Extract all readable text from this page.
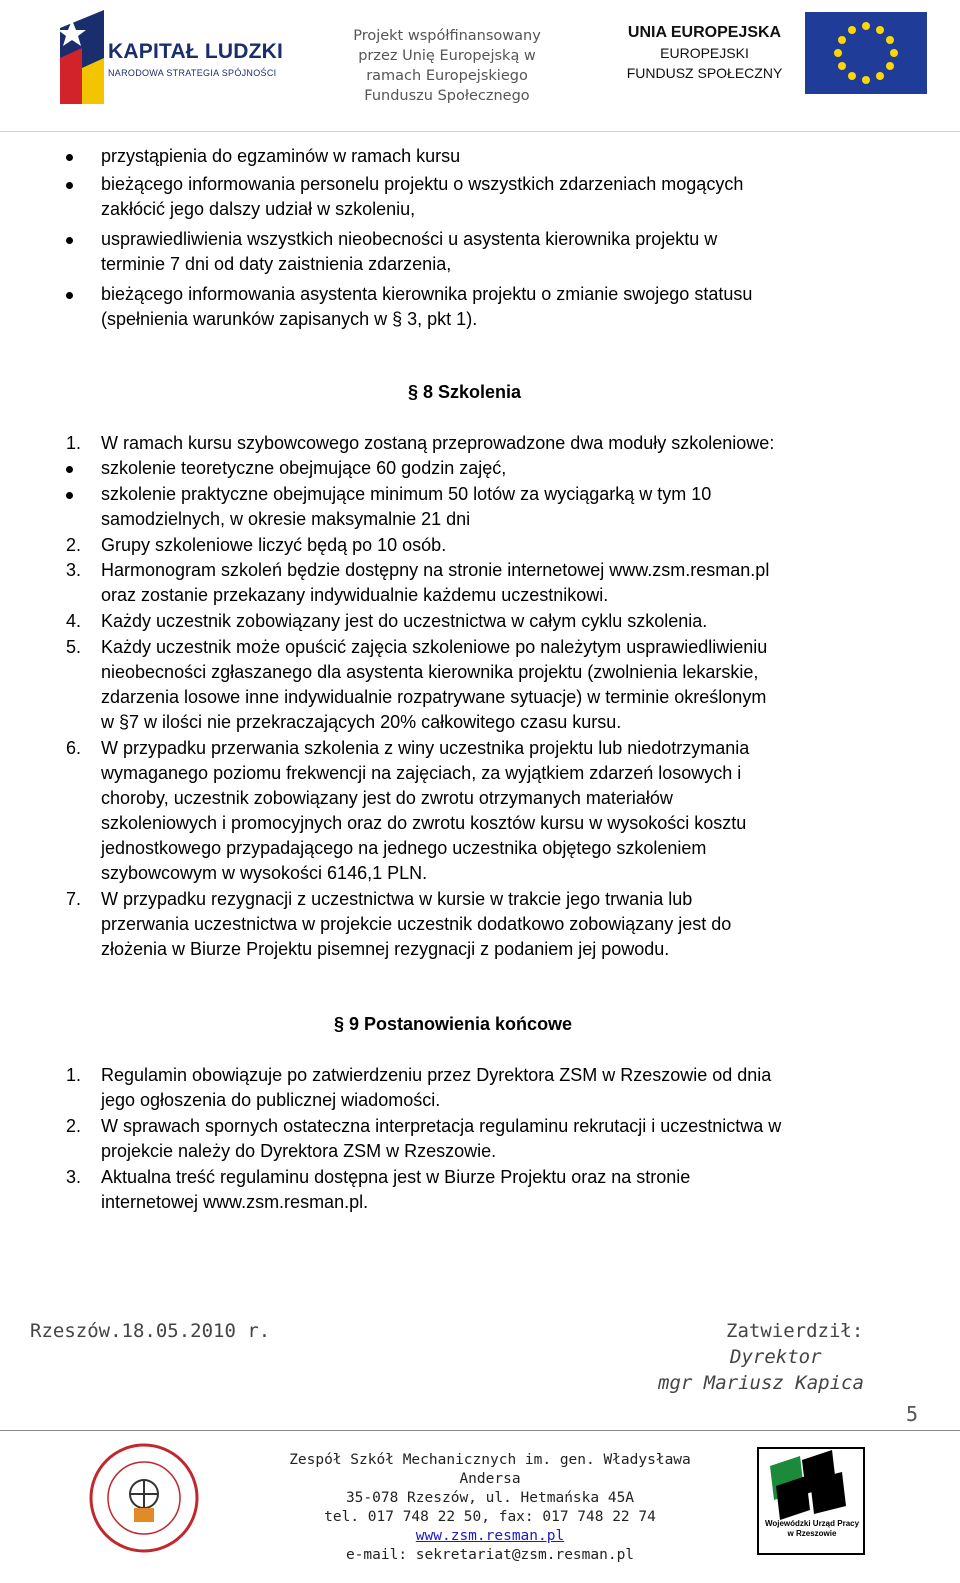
KAPITAŁ LUDZKI
NARODOWA STRATEGIA SPÓJNOŚCI
Projekt współfinansowany
przez Unię Europejską w
ramach Europejskiego
Funduszu Społecznego
UNIA EUROPEJSKA
EUROPEJSKI
FUNDUSZ SPOŁECZNY
przystąpienia do egzaminów w ramach kursu
bieżącego informowania personelu projektu o wszystkich zdarzeniach mogących
zakłócić jego dalszy udział w szkoleniu,
usprawiedliwienia wszystkich nieobecności u asystenta kierownika projektu w
terminie 7 dni od daty zaistnienia zdarzenia,
bieżącego informowania asystenta kierownika projektu o zmianie swojego statusu
(spełnienia warunków zapisanych w § 3, pkt 1).
§ 8 Szkolenia
1. W ramach kursu szybowcowego zostaną przeprowadzone dwa moduły szkoleniowe:
szkolenie teoretyczne obejmujące 60 godzin zajęć,
szkolenie praktyczne obejmujące minimum 50 lotów za wyciągarką w tym 10
samodzielnych, w okresie maksymalnie 21 dni
2. Grupy szkoleniowe liczyć będą po 10 osób.
3. Harmonogram szkoleń będzie dostępny na stronie internetowej www.zsm.resman.pl
oraz zostanie przekazany indywidualnie każdemu uczestnikowi.
4. Każdy uczestnik zobowiązany jest do uczestnictwa w całym cyklu szkolenia.
5. Każdy uczestnik może opuścić zajęcia szkoleniowe po należytym usprawiedliwieniu
nieobecności zgłaszanego dla asystenta kierownika projektu (zwolnienia lekarskie,
zdarzenia losowe inne indywidualnie rozpatrywane sytuacje) w terminie określonym
w §7 w ilości nie przekraczających 20% całkowitego czasu kursu.
6. W przypadku przerwania szkolenia z winy uczestnika projektu lub niedotrzymania
wymaganego poziomu frekwencji na zajęciach, za wyjątkiem zdarzeń losowych i
choroby, uczestnik zobowiązany jest do zwrotu otrzymanych materiałów
szkoleniowych i promocyjnych oraz do zwrotu kosztów kursu w wysokości kosztu
jednostkowego przypadającego na jednego uczestnika objętego szkoleniem
szybowcowym w wysokości 6146,1 PLN.
7. W przypadku rezygnacji z uczestnictwa w kursie w trakcie jego trwania lub
przerwania uczestnictwa w projekcie uczestnik dodatkowo zobowiązany jest do
złożenia w Biurze Projektu pisemnej rezygnacji z podaniem jej powodu.
§ 9 Postanowienia końcowe
1. Regulamin obowiązuje po zatwierdzeniu przez Dyrektora ZSM w Rzeszowie od dnia
jego ogłoszenia do publicznej wiadomości.
2. W sprawach spornych ostateczna interpretacja regulaminu rekrutacji i uczestnictwa w
projekcie należy do Dyrektora ZSM w Rzeszowie.
3. Aktualna treść regulaminu dostępna jest w Biurze Projektu oraz na stronie
internetowej www.zsm.resman.pl.
Rzeszów.18.05.2010 r.	Zatwierdził:
Dyrektor
mgr Mariusz Kapica
5
Zespół Szkół Mechanicznych im. gen. Władysława
Andersa
35-078 Rzeszów, ul. Hetmańska 45A
tel. 017 748 22 50, fax: 017 748 22 74
www.zsm.resman.pl
e-mail: sekretariat@zsm.resman.pl
Wojewódzki Urząd Pracy w Rzeszowie
